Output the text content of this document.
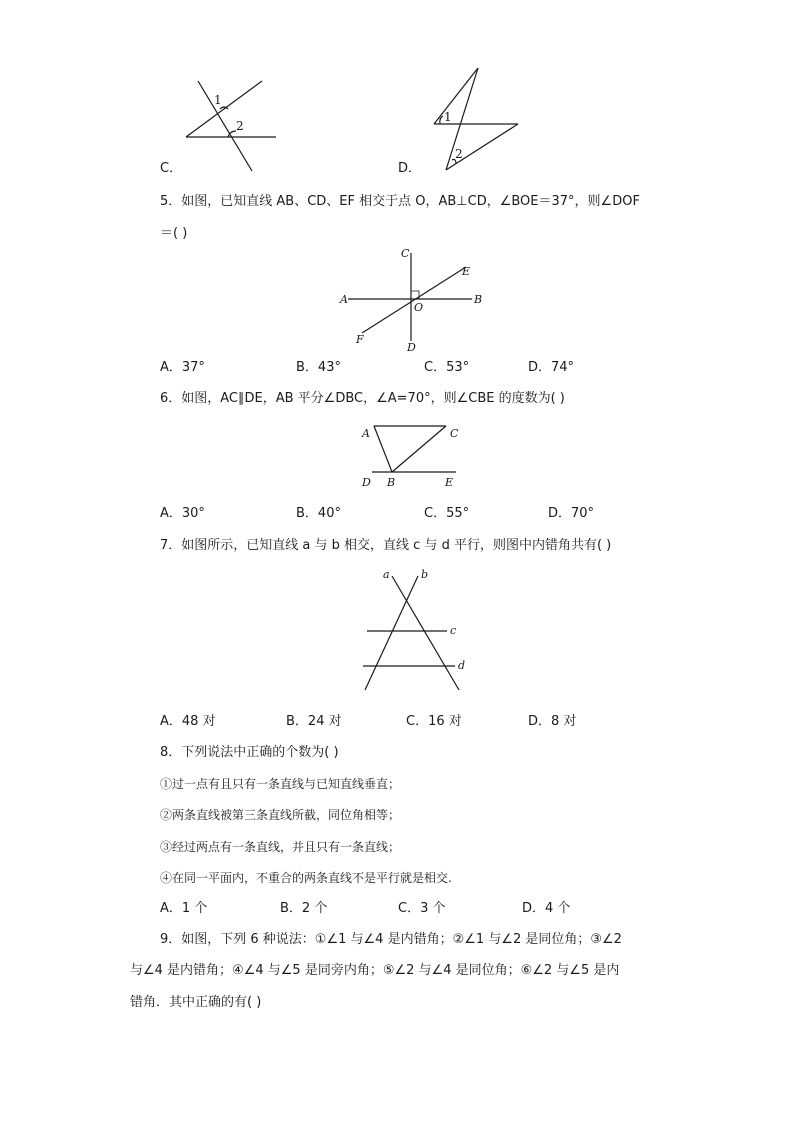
1
2
C．
1
2
D．
5．如图，已知直线 AB、CD、EF 相交于点 O，AB⊥CD，∠BOE＝37°，则∠DOF
＝( )
A	B
C
D
E
F
O
A．37°	B．43°	C．53°	D．74°
6．如图，AC∥DE，AB 平分∠DBC，∠A=70°，则∠CBE 的度数为( )
A	C
D B	E
A．30°	B．40°	C．55°	D．70°
7．如图所示，已知直线 a 与 b 相交，直线 c 与 d 平行，则图中内错角共有( )
a	b
c
d
A．48 对	B．24 对	C．16 对	D．8 对
8．下列说法中正确的个数为( )
①过一点有且只有一条直线与已知直线垂直；
②两条直线被第三条直线所截，同位角相等；
③经过两点有一条直线，并且只有一条直线；
④在同一平面内，不重合的两条直线不是平行就是相交.
A．1 个	B．2 个	C．3 个	D．4 个
9．如图，下列 6 种说法：①∠1 与∠4 是内错角；②∠1 与∠2 是同位角；③∠2
与∠4 是内错角；④∠4 与∠5 是同旁内角；⑤∠2 与∠4 是同位角；⑥∠2 与∠5 是内
错角．其中正确的有( )
